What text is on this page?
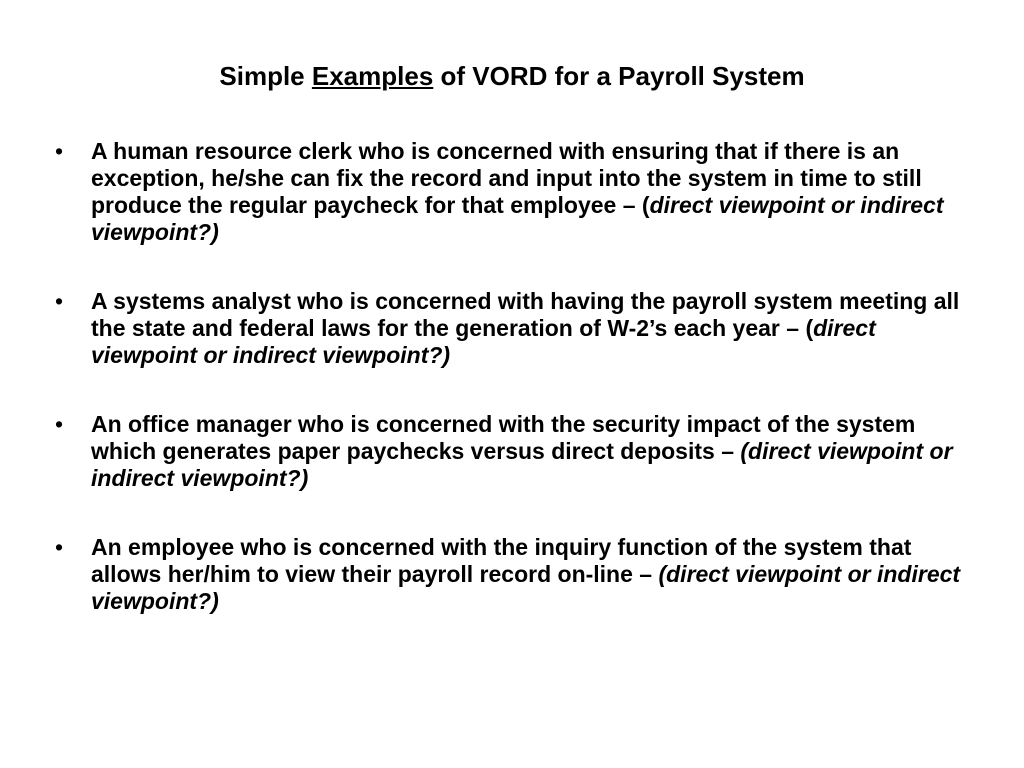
Simple Examples of VORD for a Payroll System
• A human resource clerk who is concerned with ensuring that if there is an exception, he/she can fix the record and input into the system in time to still produce the regular paycheck for that employee – (direct viewpoint or indirect viewpoint?)
• A systems analyst who is concerned with having the payroll system meeting all the state and federal laws for the generation of W-2’s each year – (direct viewpoint or indirect viewpoint?)
• An office manager who is concerned with the security impact of the system which generates paper paychecks versus direct deposits – (direct viewpoint or indirect viewpoint?)
• An employee who is concerned with the inquiry function of the system that allows her/him to view their payroll record on-line – (direct viewpoint or indirect viewpoint?)
